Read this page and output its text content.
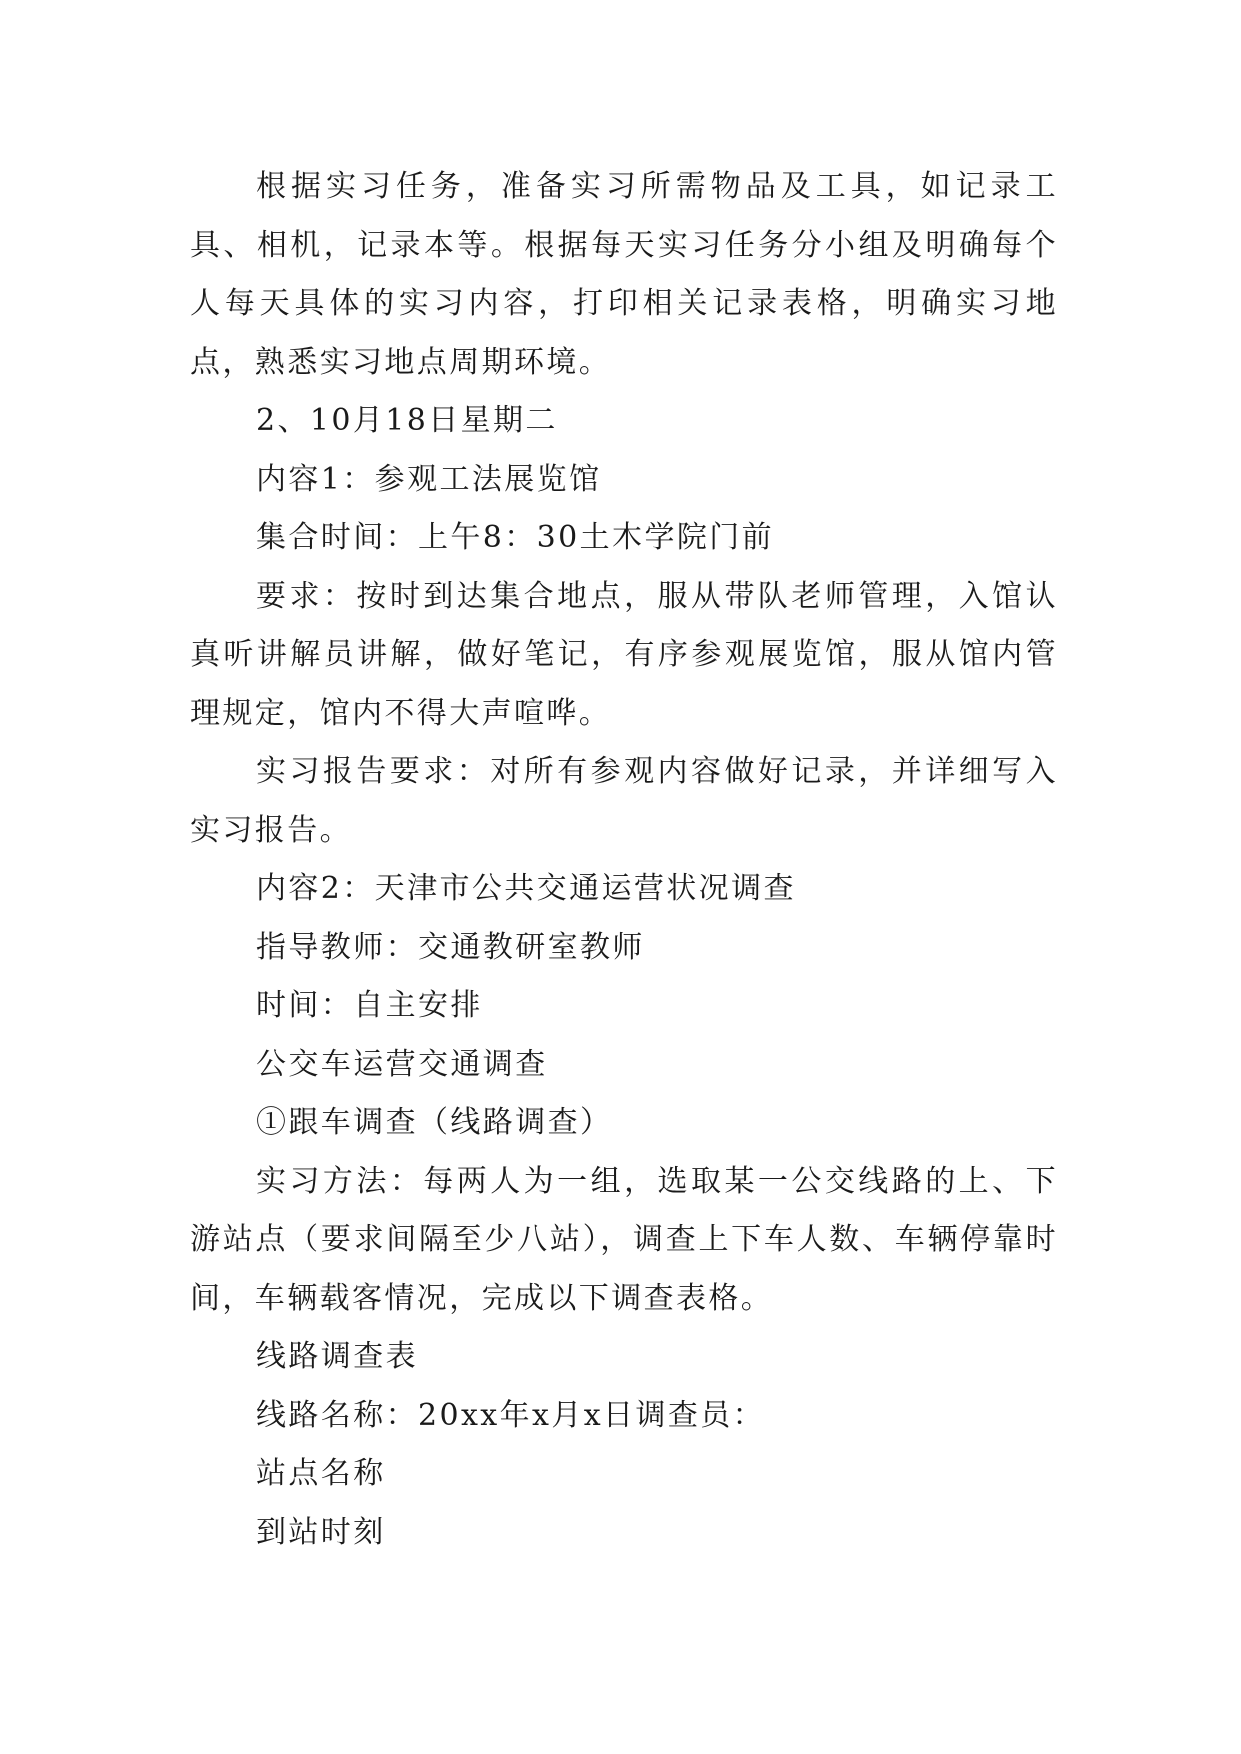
根据实习任务，准备实习所需物品及工具，如记录工具、相机，记录本等。根据每天实习任务分小组及明确每个人每天具体的实习内容，打印相关记录表格，明确实习地点，熟悉实习地点周期环境。

2、10月18日星期二

内容1：参观工法展览馆

集合时间：上午8：30土木学院门前

要求：按时到达集合地点，服从带队老师管理，入馆认真听讲解员讲解，做好笔记，有序参观展览馆，服从馆内管理规定，馆内不得大声喧哗。

实习报告要求：对所有参观内容做好记录，并详细写入实习报告。

内容2：天津市公共交通运营状况调查

指导教师：交通教研室教师

时间：自主安排

公交车运营交通调查

①跟车调查（线路调查）

实习方法：每两人为一组，选取某一公交线路的上、下游站点（要求间隔至少八站），调查上下车人数、车辆停靠时间，车辆载客情况，完成以下调查表格。

线路调查表

线路名称：20xx年x月x日调查员：

站点名称

到站时刻
